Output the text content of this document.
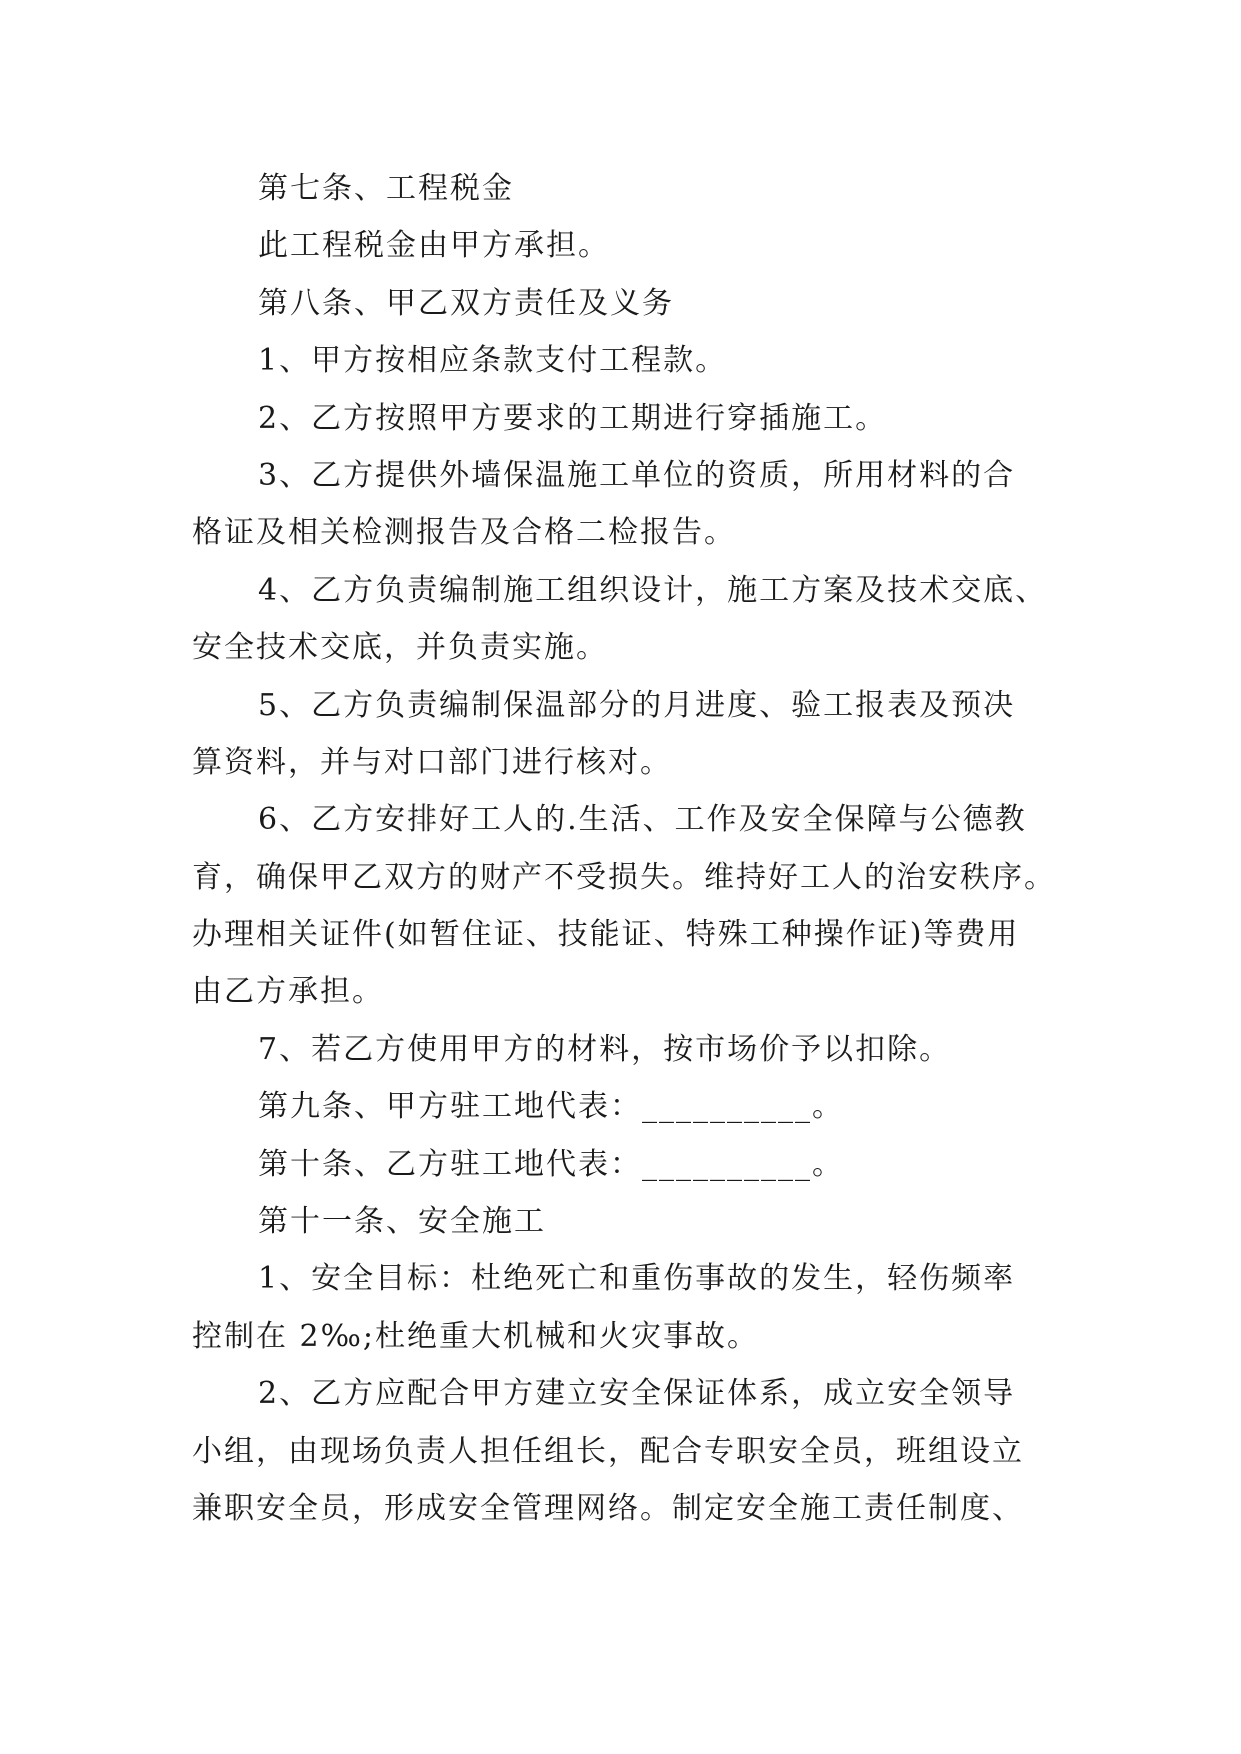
第七条、工程税金
此工程税金由甲方承担。
第八条、甲乙双方责任及义务
1、甲方按相应条款支付工程款。
2、乙方按照甲方要求的工期进行穿插施工。
3、乙方提供外墙保温施工单位的资质，所用材料的合
格证及相关检测报告及合格二检报告。
4、乙方负责编制施工组织设计，施工方案及技术交底、
安全技术交底，并负责实施。
5、乙方负责编制保温部分的月进度、验工报表及预决
算资料，并与对口部门进行核对。
6、乙方安排好工人的.生活、工作及安全保障与公德教
育，确保甲乙双方的财产不受损失。维持好工人的治安秩序。
办理相关证件(如暂住证、技能证、特殊工种操作证)等费用
由乙方承担。
7、若乙方使用甲方的材料，按市场价予以扣除。
第九条、甲方驻工地代表：__________。
第十条、乙方驻工地代表：__________。
第十一条、安全施工
1、安全目标：杜绝死亡和重伤事故的发生，轻伤频率
控制在 2‰;杜绝重大机械和火灾事故。
2、乙方应配合甲方建立安全保证体系，成立安全领导
小组，由现场负责人担任组长，配合专职安全员，班组设立
兼职安全员，形成安全管理网络。制定安全施工责任制度、
